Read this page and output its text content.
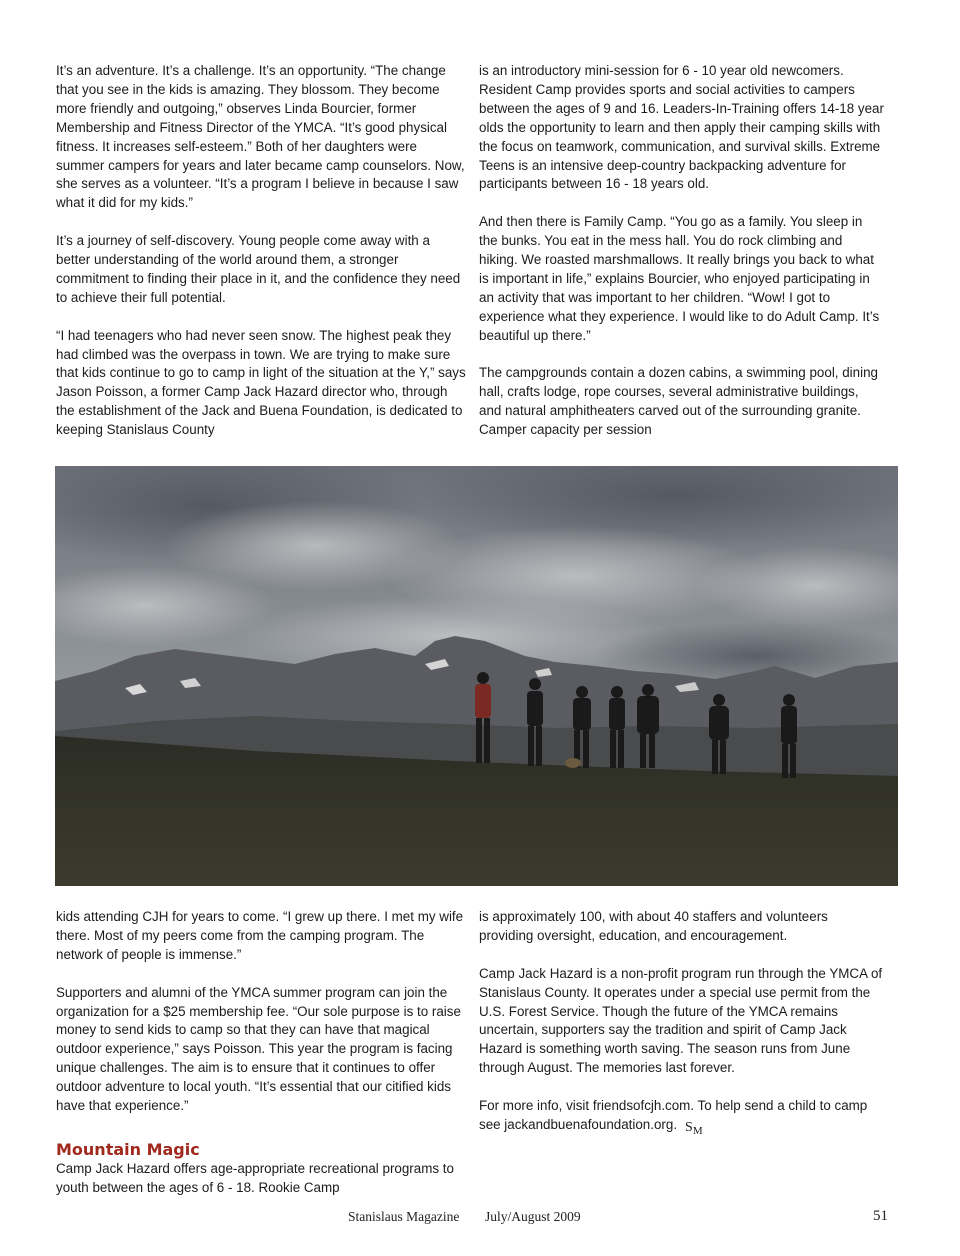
It’s an adventure. It’s a challenge. It’s an opportunity. “The change that you see in the kids is amazing. They blossom. They become more friendly and outgoing,” observes Linda Bourcier, former Membership and Fitness Director of the YMCA. “It’s good physical fitness. It increases self-esteem.” Both of her daughters were summer campers for years and later became camp counselors. Now, she serves as a volunteer. “It’s a program I believe in because I saw what it did for my kids.”

It’s a journey of self-discovery. Young people come away with a better understanding of the world around them, a stronger commitment to finding their place in it, and the confidence they need to achieve their full potential.

“I had teenagers who had never seen snow. The highest peak they had climbed was the overpass in town. We are trying to make sure that kids continue to go to camp in light of the situation at the Y,” says Jason Poisson, a former Camp Jack Hazard director who, through the establishment of the Jack and Buena Foundation, is dedicated to keeping Stanislaus County

is an introductory mini-session for 6 - 10 year old newcomers. Resident Camp provides sports and social activities to campers between the ages of 9 and 16. Leaders-In-Training offers 14-18 year olds the opportunity to learn and then apply their camping skills with the focus on teamwork, communication, and survival skills. Extreme Teens is an intensive deep-country backpacking adventure for participants between 16 - 18 years old.

And then there is Family Camp. “You go as a family. You sleep in the bunks. You eat in the mess hall. You do rock climbing and hiking. We roasted marshmallows. It really brings you back to what is important in life,” explains Bourcier, who enjoyed participating in an activity that was important to her children. “Wow! I got to experience what they experience. I would like to do Adult Camp. It’s beautiful up there.”

The campgrounds contain a dozen cabins, a swimming pool, dining hall, crafts lodge, rope courses, several administrative buildings, and natural amphitheaters carved out of the surrounding granite. Camper capacity per session

kids attending CJH for years to come. “I grew up there. I met my wife there. Most of my peers come from the camping program. The network of people is immense.”

Supporters and alumni of the YMCA summer program can join the organization for a $25 membership fee. “Our sole purpose is to raise money to send kids to camp so that they can have that magical outdoor experience,” says Poisson. This year the program is facing unique challenges. The aim is to ensure that it continues to offer outdoor adventure to local youth. “It’s essential that our citified kids have that experience.”

Mountain Magic

Camp Jack Hazard offers age-appropriate recreational programs to youth between the ages of 6 - 18. Rookie Camp

is approximately 100, with about 40 staffers and volunteers providing oversight, education, and encouragement.

Camp Jack Hazard is a non-profit program run through the YMCA of Stanislaus County. It operates under a special use permit from the U.S. Forest Service. Though the future of the YMCA remains uncertain, supporters say the tradition and spirit of Camp Jack Hazard is something worth saving. The season runs from June through August. The memories last forever.

For more info, visit friendsofcjh.com. To help send a child to camp see jackandbuenafoundation.org. $S_M$

Stanislaus Magazine July/August 2009	51
